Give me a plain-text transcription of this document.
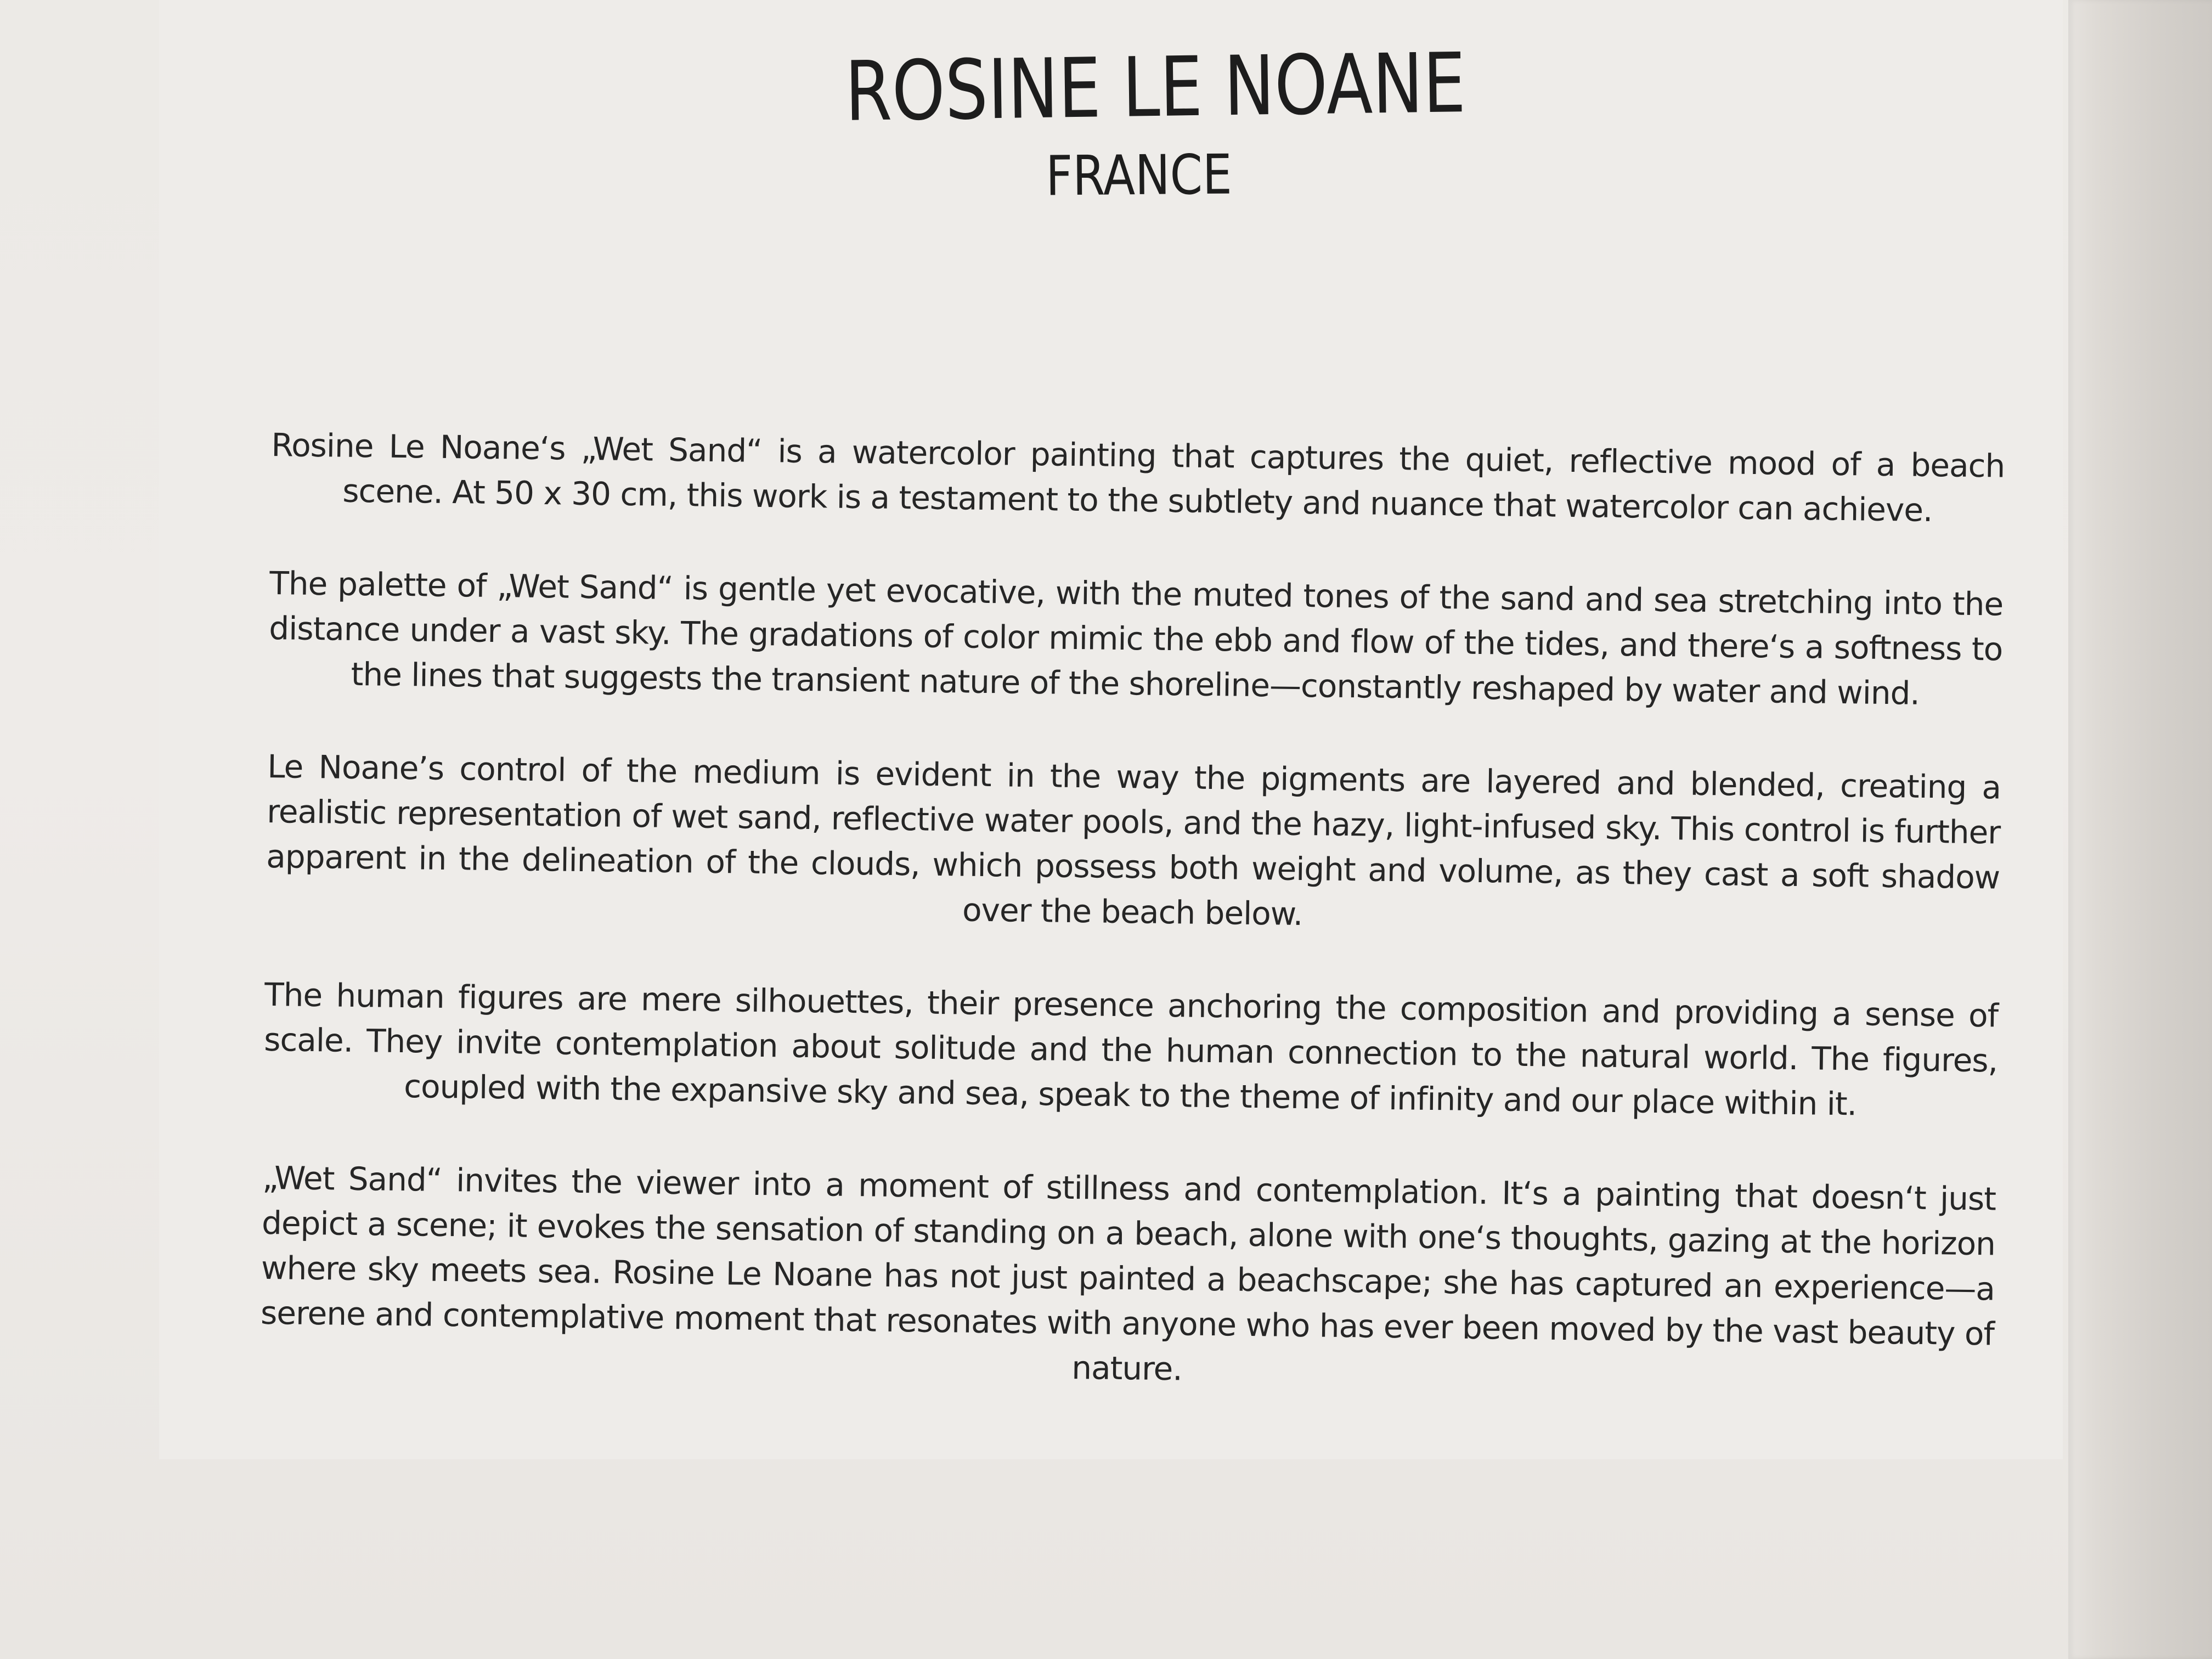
ROSINE LE NOANE
FRANCE

Rosine Le Noane‘s „Wet Sand“ is a watercolor painting that captures the quiet, reflective mood of a beach scene. At 50 x 30 cm, this work is a testament to the subtlety and nuance that watercolor can achieve.

The palette of „Wet Sand“ is gentle yet evocative, with the muted tones of the sand and sea stretching into the distance under a vast sky. The gradations of color mimic the ebb and flow of the tides, and there‘s a softness to the lines that suggests the transient nature of the shoreline—constantly reshaped by water and wind.

Le Noane’s control of the medium is evident in the way the pigments are layered and blended, creating a realistic representation of wet sand, reflective water pools, and the hazy, light-infused sky. This control is further apparent in the delineation of the clouds, which possess both weight and volume, as they cast a soft shadow over the beach below.

The human figures are mere silhouettes, their presence anchoring the composition and providing a sense of scale. They invite contemplation about solitude and the human connection to the natural world. The figures, coupled with the expansive sky and sea, speak to the theme of infinity and our place within it.

„Wet Sand“ invites the viewer into a moment of stillness and contemplation. It‘s a painting that doesn‘t just depict a scene; it evokes the sensation of standing on a beach, alone with one‘s thoughts, gazing at the horizon where sky meets sea. Rosine Le Noane has not just painted a beachscape; she has captured an experience—a serene and contemplative moment that resonates with anyone who has ever been moved by the vast beauty of nature.
